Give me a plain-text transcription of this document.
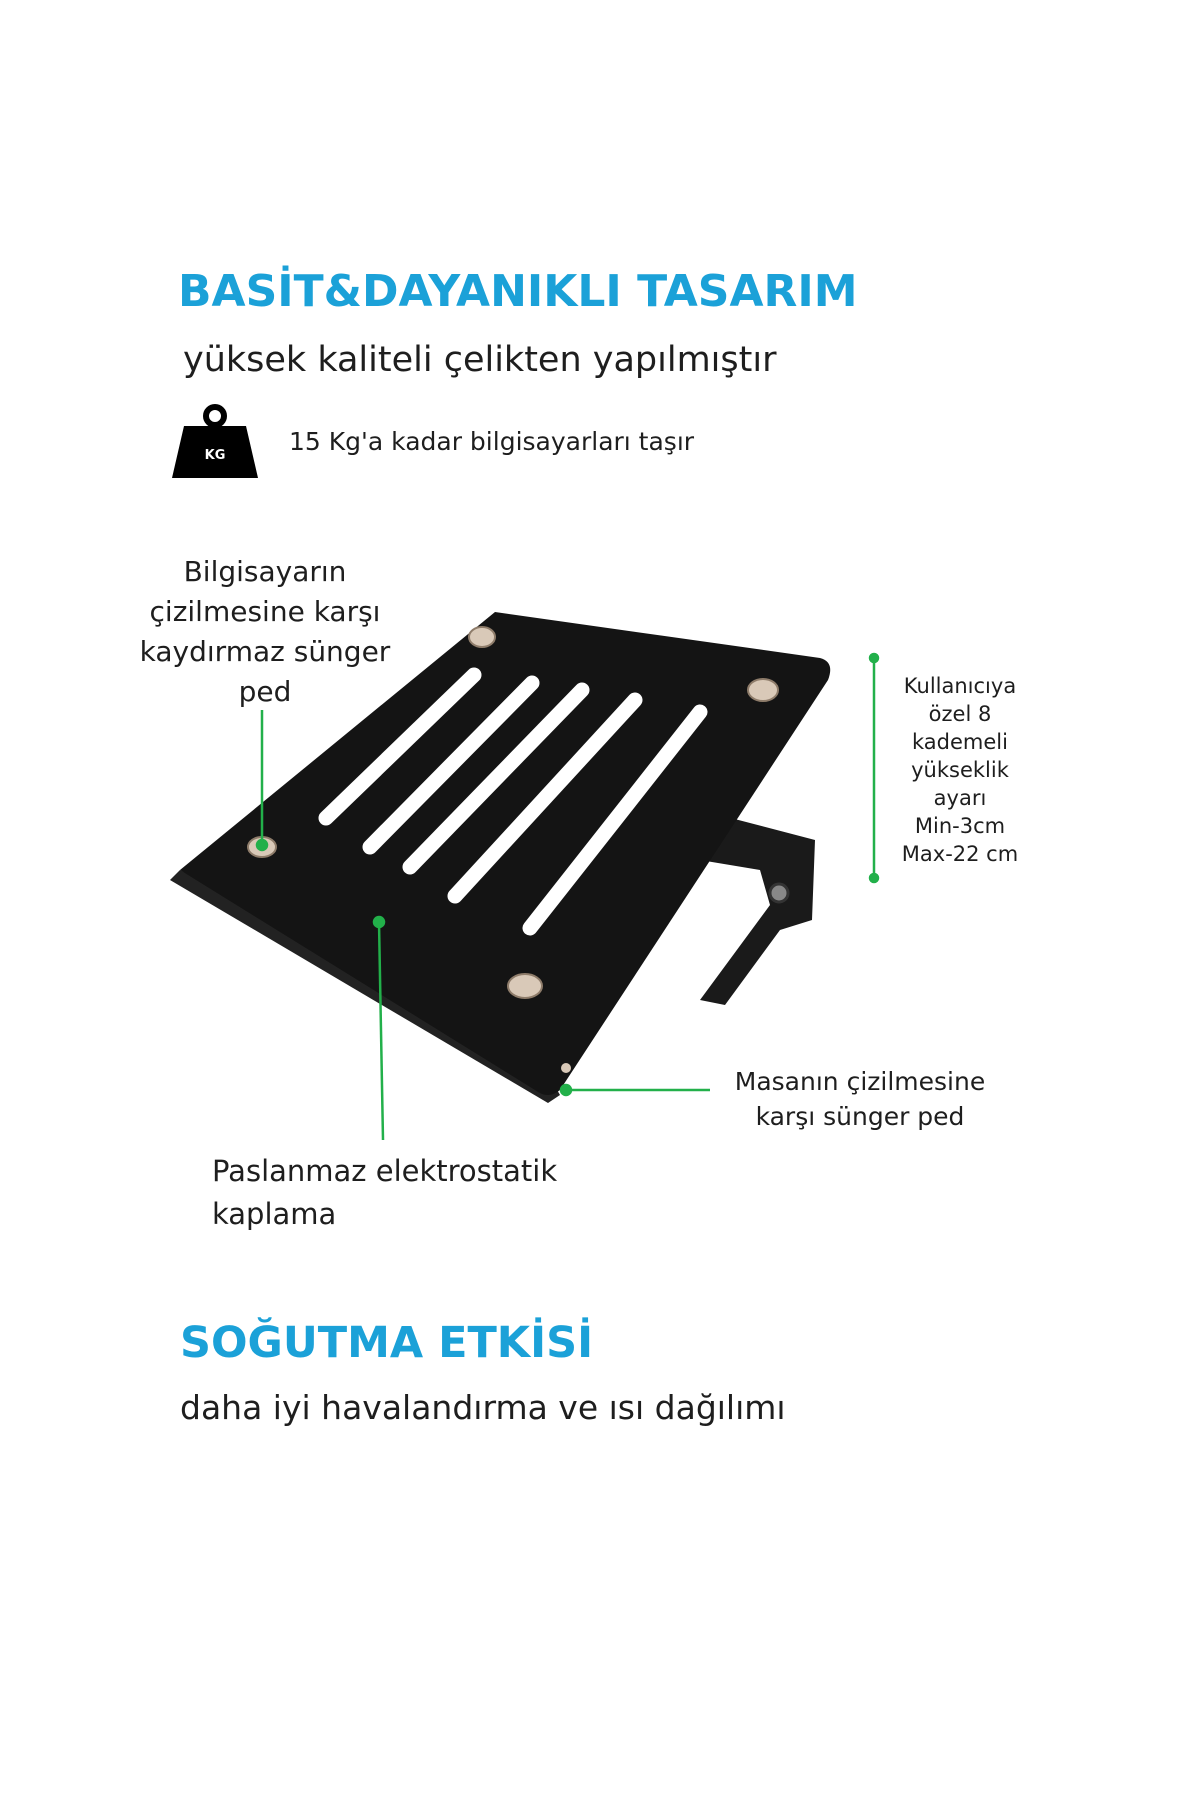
BASİT&DAYANIKLI TASARIM
yüksek kaliteli çelikten yapılmıştır
KG	15 Kg'a kadar bilgisayarları taşır
Bilgisayarın
çizilmesine karşı
kaydırmaz sünger
ped	Kullanıcıya
özel 8
kademeli
yükseklik
ayarı
Min-3cm
Max-22 cm
Masanın çizilmesine
karşı sünger ped
Paslanmaz elektrostatik
kaplama
SOĞUTMA ETKİSİ
daha iyi havalandırma ve ısı dağılımı
